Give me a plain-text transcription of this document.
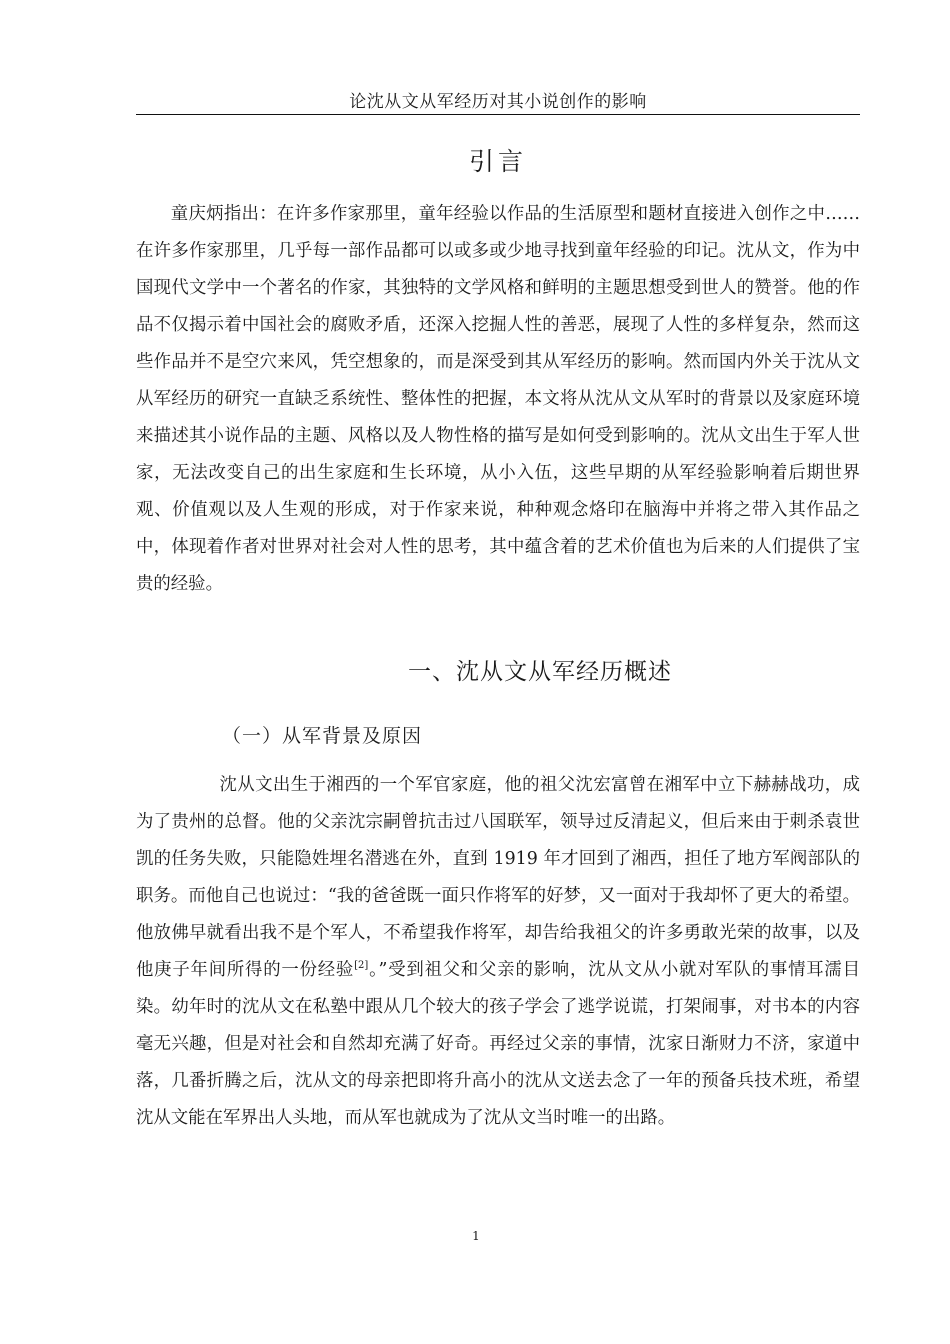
论沈从文从军经历对其小说创作的影响
引言

童庆炳指出：在许多作家那里，童年经验以作品的生活原型和题材直接进入创作之中……在许多作家那里，几乎每一部作品都可以或多或少地寻找到童年经验的印记。沈从文，作为中国现代文学中一个著名的作家，其独特的文学风格和鲜明的主题思想受到世人的赞誉。他的作品不仅揭示着中国社会的腐败矛盾，还深入挖掘人性的善恶，展现了人性的多样复杂，然而这些作品并不是空穴来风，凭空想象的，而是深受到其从军经历的影响。然而国内外关于沈从文从军经历的研究一直缺乏系统性、整体性的把握，本文将从沈从文从军时的背景以及家庭环境来描述其小说作品的主题、风格以及人物性格的描写是如何受到影响的。沈从文出生于军人世家，无法改变自己的出生家庭和生长环境，从小入伍，这些早期的从军经验影响着后期世界观、价值观以及人生观的形成，对于作家来说，种种观念烙印在脑海中并将之带入其作品之中，体现着作者对世界对社会对人性的思考，其中蕴含着的艺术价值也为后来的人们提供了宝贵的经验。

一、沈从文从军经历概述
（一）从军背景及原因

沈从文出生于湘西的一个军官家庭，他的祖父沈宏富曾在湘军中立下赫赫战功，成为了贵州的总督。他的父亲沈宗嗣曾抗击过八国联军，领导过反清起义，但后来由于刺杀袁世凯的任务失败，只能隐姓埋名潜逃在外，直到 1919 年才回到了湘西，担任了地方军阀部队的职务。而他自己也说过：“我的爸爸既一面只作将军的好梦，又一面对于我却怀了更大的希望。他放佛早就看出我不是个军人，不希望我作将军，却告给我祖父的许多勇敢光荣的故事，以及他庚子年间所得的一份经验[2]。”受到祖父和父亲的影响，沈从文从小就对军队的事情耳濡目染。幼年时的沈从文在私塾中跟从几个较大的孩子学会了逃学说谎，打架闹事，对书本的内容毫无兴趣，但是对社会和自然却充满了好奇。再经过父亲的事情，沈家日渐财力不济，家道中落，几番折腾之后，沈从文的母亲把即将升高小的沈从文送去念了一年的预备兵技术班，希望沈从文能在军界出人头地，而从军也就成为了沈从文当时唯一的出路。

1
